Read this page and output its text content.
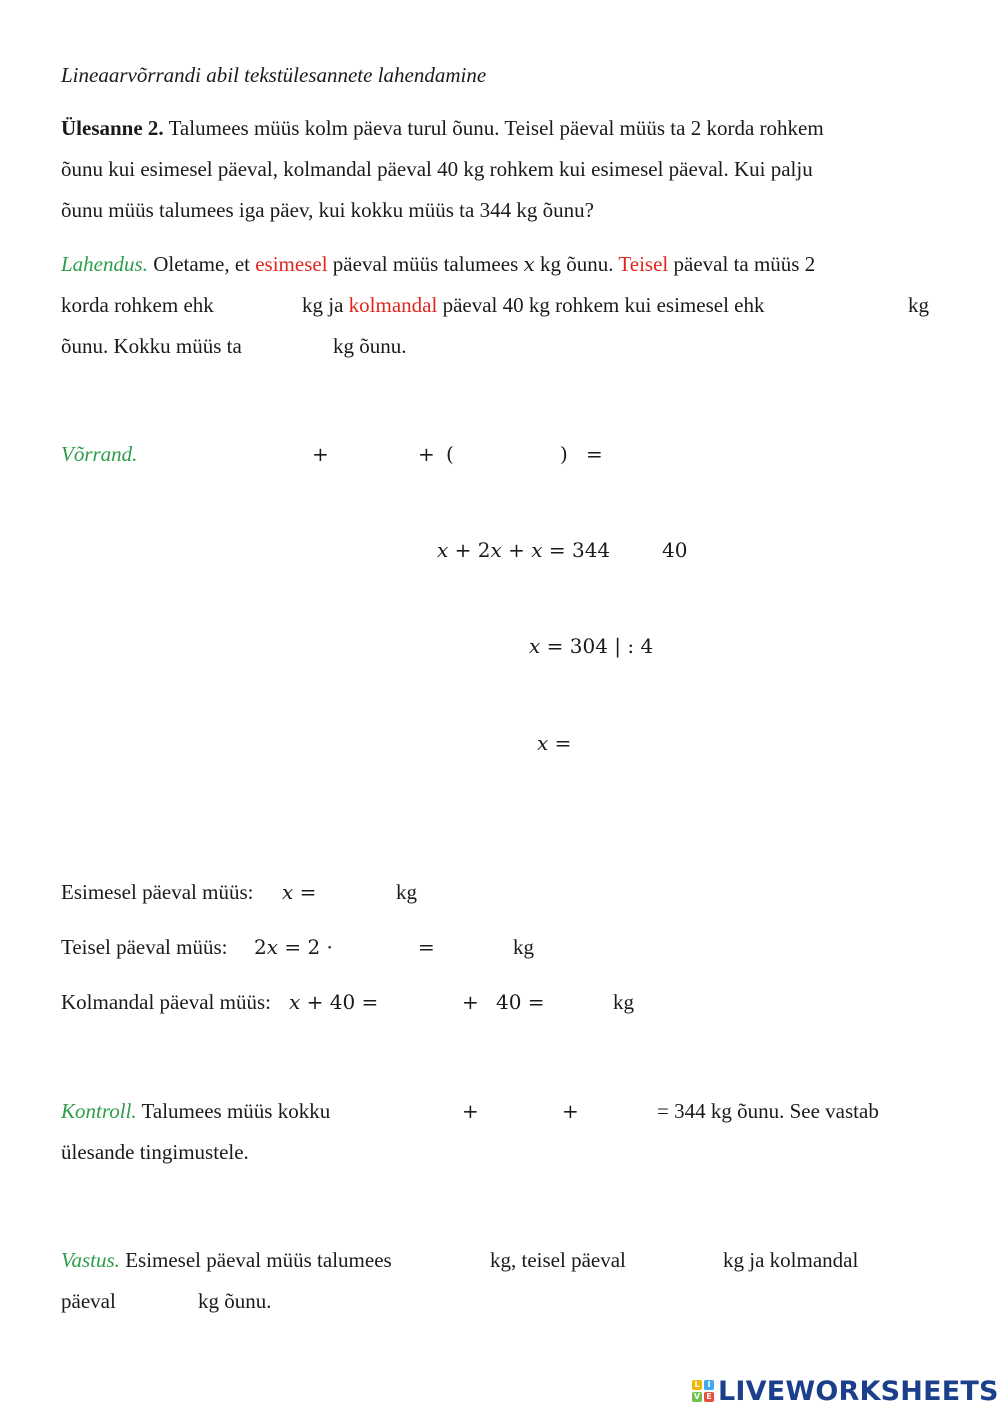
Lineaarvõrrandi abil tekstülesannete lahendamine
Ülesanne 2. Talumees müüs kolm päeva turul õunu. Teisel päeval müüs ta 2 korda rohkem
õunu kui esimesel päeval, kolmandal päeval 40 kg rohkem kui esimesel päeval. Kui palju
õunu müüs talumees iga päev, kui kokku müüs ta 344 kg õunu?
Lahendus. Oletame, et esimesel päeval müüs talumees x kg õunu. Teisel päeval ta müüs 2
korda rohkem ehk	kg ja kolmandal päeval 40 kg rohkem kui esimesel ehk	kg
õunu. Kokku müüs ta	kg õunu.
Võrrand.	+	+ (	) =
𝑥 + 2𝑥 + 𝑥 = 344	40
𝑥 = 304 | : 4
𝑥 =
Esimesel päeval müüs: 𝑥 =	kg
Teisel päeval müüs: 2𝑥 = 2 ·	=	kg
Kolmandal päeval müüs: 𝑥 + 40 =	+ 40 =	kg
Kontroll. Talumees müüs kokku	+	+	= 344 kg õunu. See vastab
ülesande tingimustele.
Vastus. Esimesel päeval müüs talumees	kg, teisel päeval	kg ja kolmandal
päeval	kg õunu.
L I
V E LIVEWORKSHEETS
